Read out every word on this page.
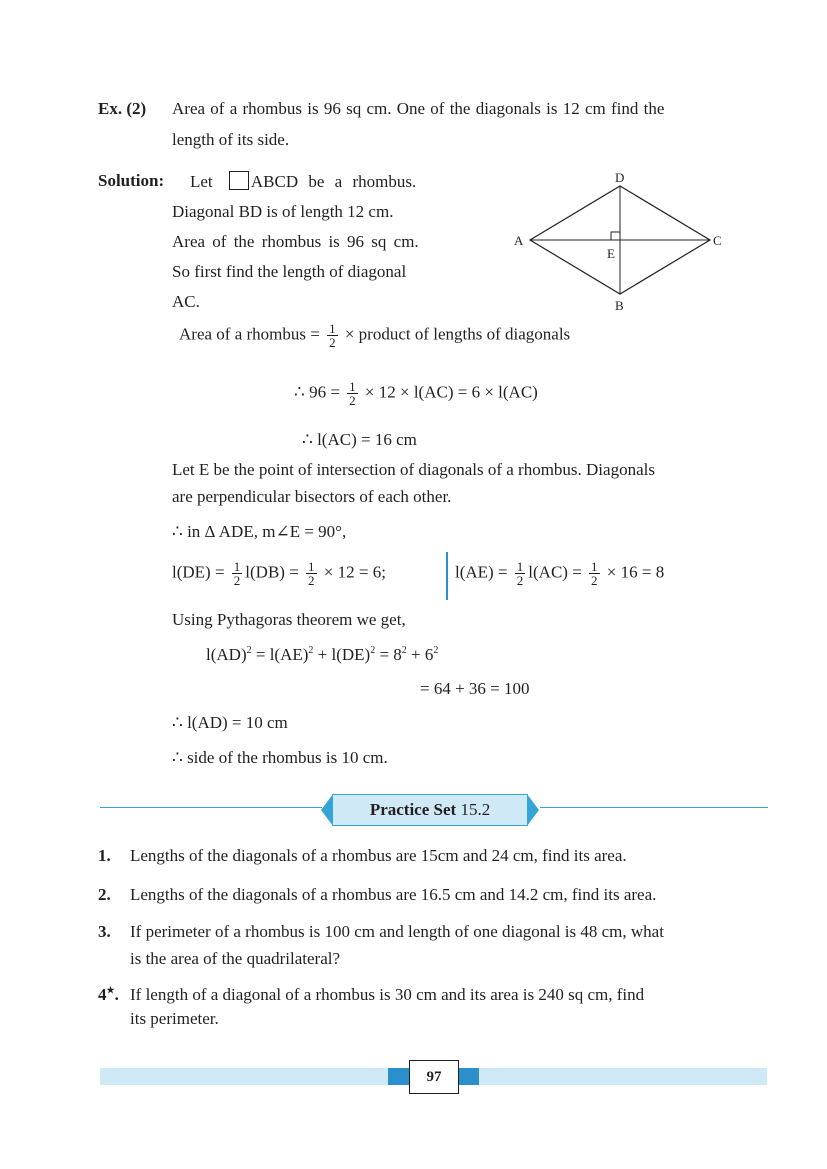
Ex. (2) Area of a rhombus is 96 sq cm. One of the diagonals is 12 cm find the
length of its side.
Solution: Let ABCD be a rhombus.
Diagonal BD is of length 12 cm.
Area of the rhombus is 96 sq cm.
So first find the length of diagonal
AC.
D
A	C
B
E
Area of a rhombus = $\frac{1}{2}$ × product of lengths of diagonals
∴ $96 = \frac{1}{2} \times 12 \times l(AC) = 6 \times l(AC)$
∴ l(AC) = 16 cm
Let E be the point of intersection of diagonals of a rhombus. Diagonals
are perpendicular bisectors of each other.
∴ in Δ ADE, m∠E = 90°,
$l(DE) = \frac{1}{2} l(DB) = \frac{1}{2} \times 12 = 6$;	$l(AE) = \frac{1}{2} l(AC) = \frac{1}{2} \times 16 = 8$
Using Pythagoras theorem we get,
$l(AD)^2 = l(AE)^2 + l(DE)^2 = 8^2 + 6^2$
= 64 + 36 = 100
∴ l(AD) = 10 cm
∴ side of the rhombus is 10 cm.
Practice Set 15.2
1. Lengths of the diagonals of a rhombus are 15cm and 24 cm, find its area.
2. Lengths of the diagonals of a rhombus are 16.5 cm and 14.2 cm, find its area.
3. If perimeter of a rhombus is 100 cm and length of one diagonal is 48 cm, what
is the area of the quadrilateral?
4★. If length of a diagonal of a rhombus is 30 cm and its area is 240 sq cm, find
its perimeter.
97
